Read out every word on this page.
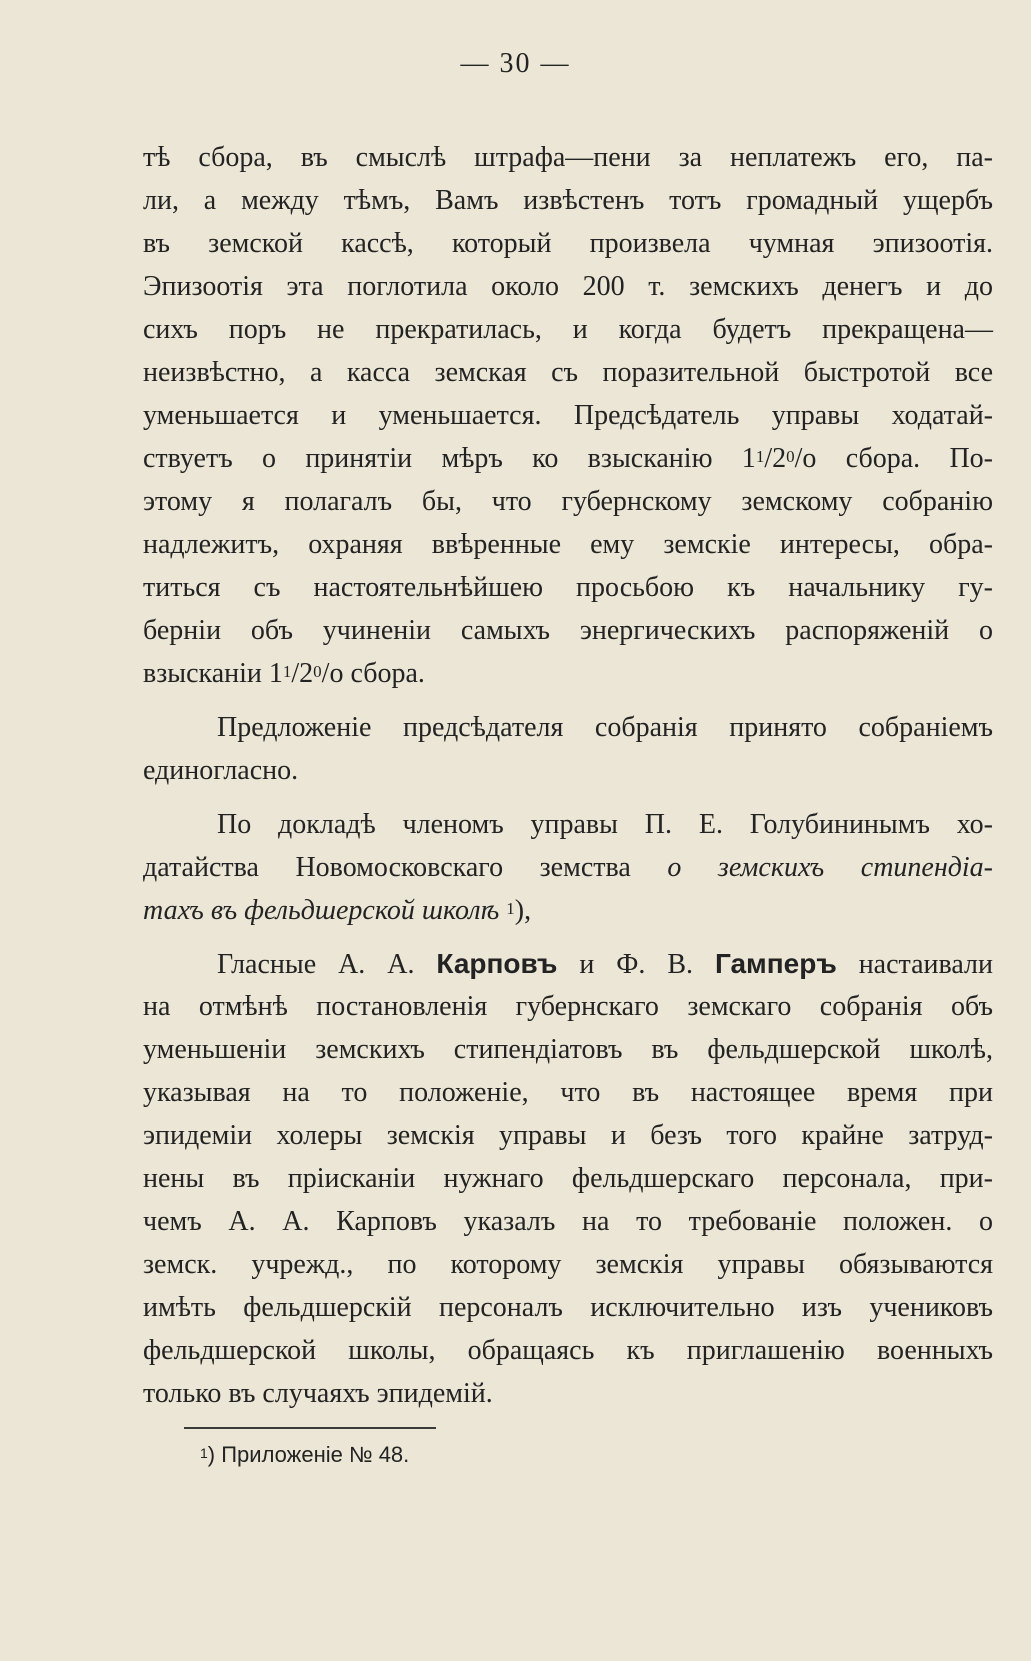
— 30 —
тѣ сбора, въ смыслѣ штрафа—пени за неплатежъ его, па-
ли, а между тѣмъ, Вамъ извѣстенъ тотъ громадный ущербъ
въ земской кассѣ, который произвела чумная эпизоотія.
Эпизоотія эта поглотила около 200 т. земскихъ денегъ и до
сихъ поръ не прекратилась, и когда будетъ прекращена—
неизвѣстно, а касса земская съ поразительной быстротой все
уменьшается и уменьшается. Предсѣдатель управы ходатай-
ствуетъ о принятіи мѣръ ко взысканію $1^1/2^0/o$ сбора. По-
этому я полагалъ бы, что губернскому земскому собранію
надлежитъ, охраняя ввѣренные ему земскіе интересы, обра-
титься съ настоятельнѣйшею просьбою къ начальнику гу-
берніи объ учиненіи самыхъ энергическихъ распоряженій о
взысканіи $1^1/2^0/o$ сбора.
Предложеніе предсѣдателя собранія принято собраніемъ
единогласно.
По докладѣ членомъ управы П. Е. Голубининымъ хо-
датайства Новомосковскаго земства о земскихъ стипендіа-
тахъ въ фельдшерской школѣ $^1$),
Гласные А. А. Карповъ и Ф. В. Гамперъ настаивали
на отмѣнѣ постановленія губернскаго земскаго собранія объ
уменьшеніи земскихъ стипендіатовъ въ фельдшерской школѣ,
указывая на то положеніе, что въ настоящее время при
эпидеміи холеры земскія управы и безъ того крайне затруд-
нены въ пріисканіи нужнаго фельдшерскаго персонала, при-
чемъ А. А. Карповъ указалъ на то требованіе положен. о
земск. учрежд., по которому земскія управы обязываются
имѣть фельдшерскій персоналъ исключительно изъ учениковъ
фельдшерской школы, обращаясь къ приглашенію военныхъ
только въ случаяхъ эпидемій.
$^1$) Приложеніе № 48.
